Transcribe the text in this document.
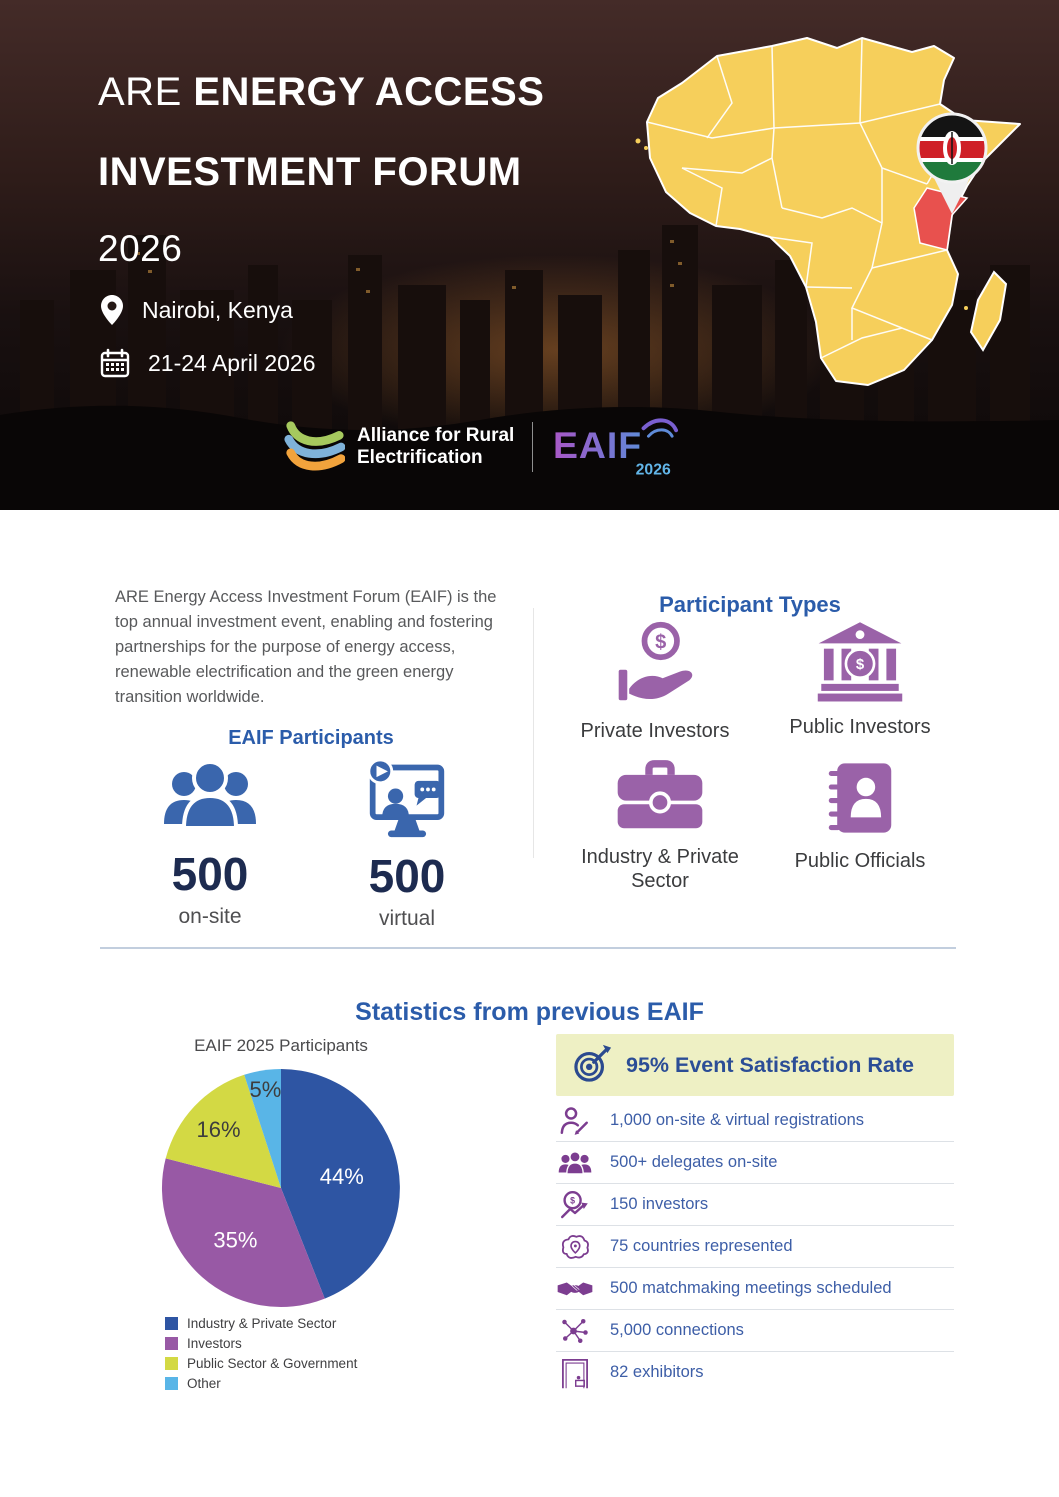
ARE ENERGY ACCESS
INVESTMENT FORUM
2026
Nairobi, Kenya
21-24 April 2026
Alliance for Rural
Electrification	EAIF
2026

ARE Energy Access Investment Forum (EAIF) is the top annual investment event, enabling and fostering partnerships for the purpose of energy access, renewable electrification and the green energy transition worldwide.

EAIF Participants
500
on-site
500
virtual
Participant Types
$
Private Investors
$
Public Investors
Industry & Private Sector
Public Officials
Statistics from previous EAIF
EAIF 2025 Participants
44%
35%
16%
5%
Industry & Private Sector
Investors
Public Sector & Government
Other
95% Event Satisfaction Rate
1,000 on-site & virtual registrations
500+ delegates on-site
$ 150 investors
75 countries represented
500 matchmaking meetings scheduled
5,000 connections
82 exhibitors
